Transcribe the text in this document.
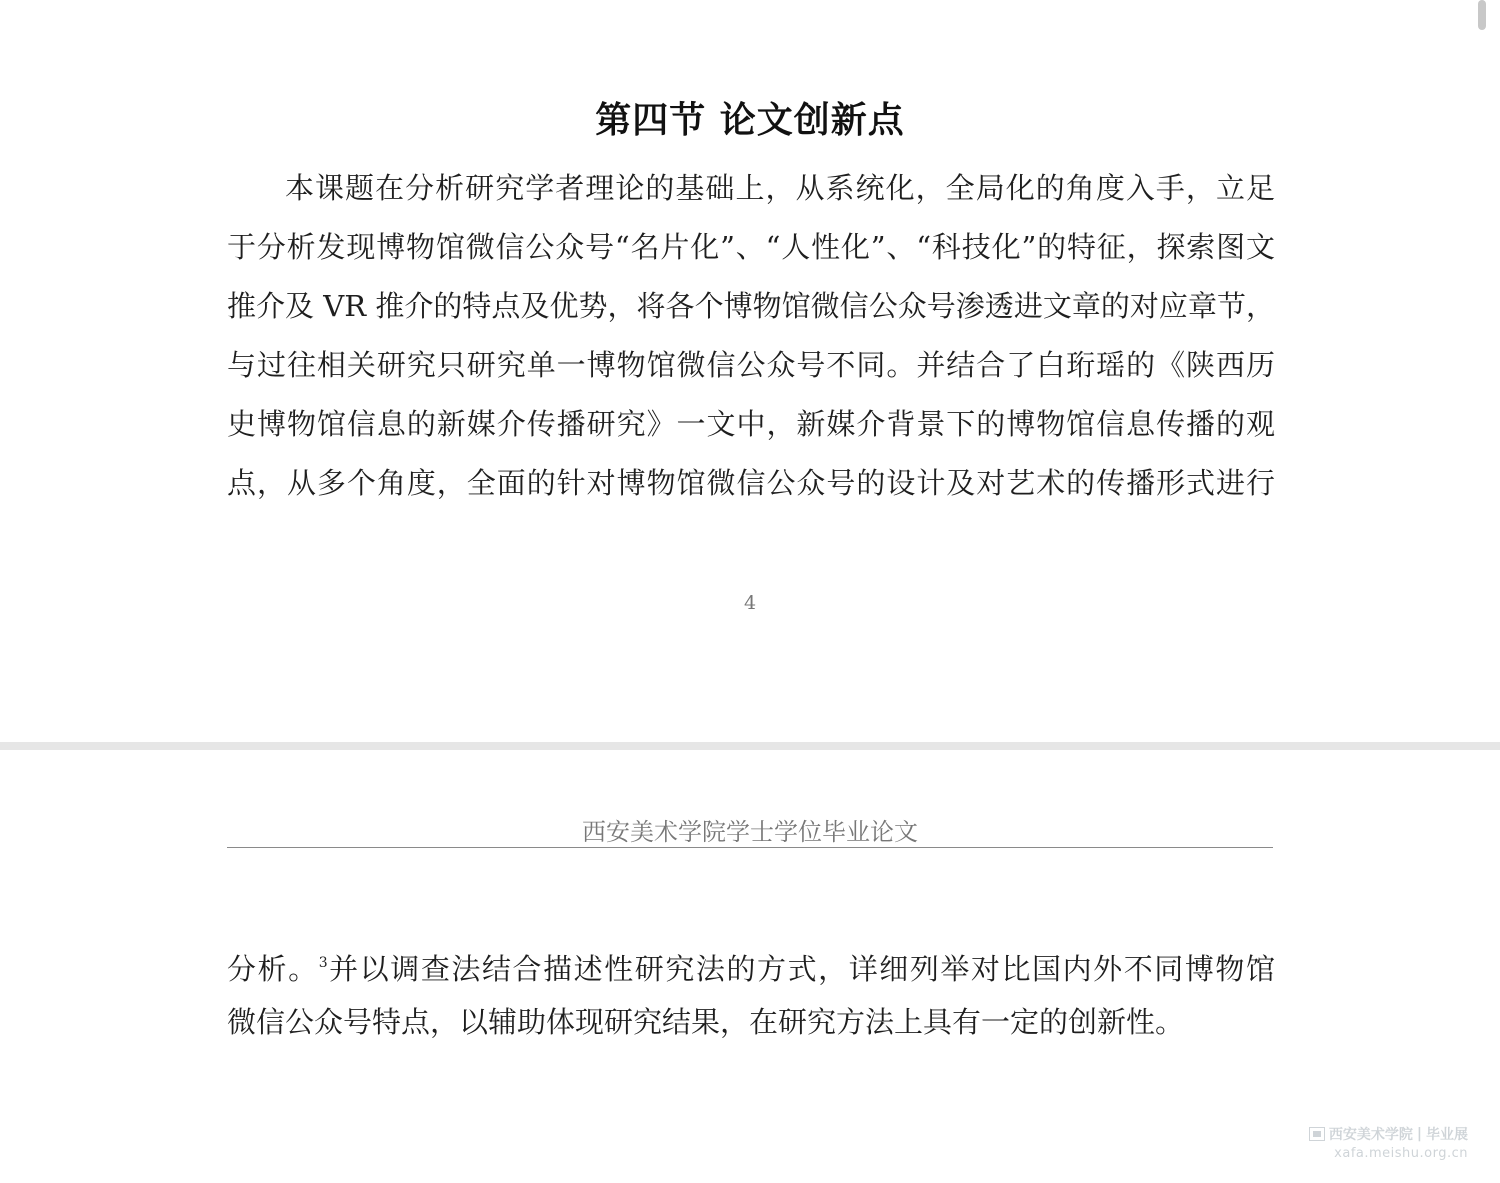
第四节 论文创新点
本课题在分析研究学者理论的基础上，从系统化，全局化的角度入手，立足
于分析发现博物馆微信公众号“名片化”、“人性化”、“科技化”的特征，探索图文
推介及 VR 推介的特点及优势，将各个博物馆微信公众号渗透进文章的对应章节，
与过往相关研究只研究单一博物馆微信公众号不同。并结合了白珩瑶的《陕西历
史博物馆信息的新媒介传播研究》一文中，新媒介背景下的博物馆信息传播的观
点，从多个角度，全面的针对博物馆微信公众号的设计及对艺术的传播形式进行
4
西安美术学院学士学位毕业论文
分析。$^3$并以调查法结合描述性研究法的方式，详细列举对比国内外不同博物馆
微信公众号特点，以辅助体现研究结果，在研究方法上具有一定的创新性。
西安美术学院 | 毕业展
xafa.meishu.org.cn
